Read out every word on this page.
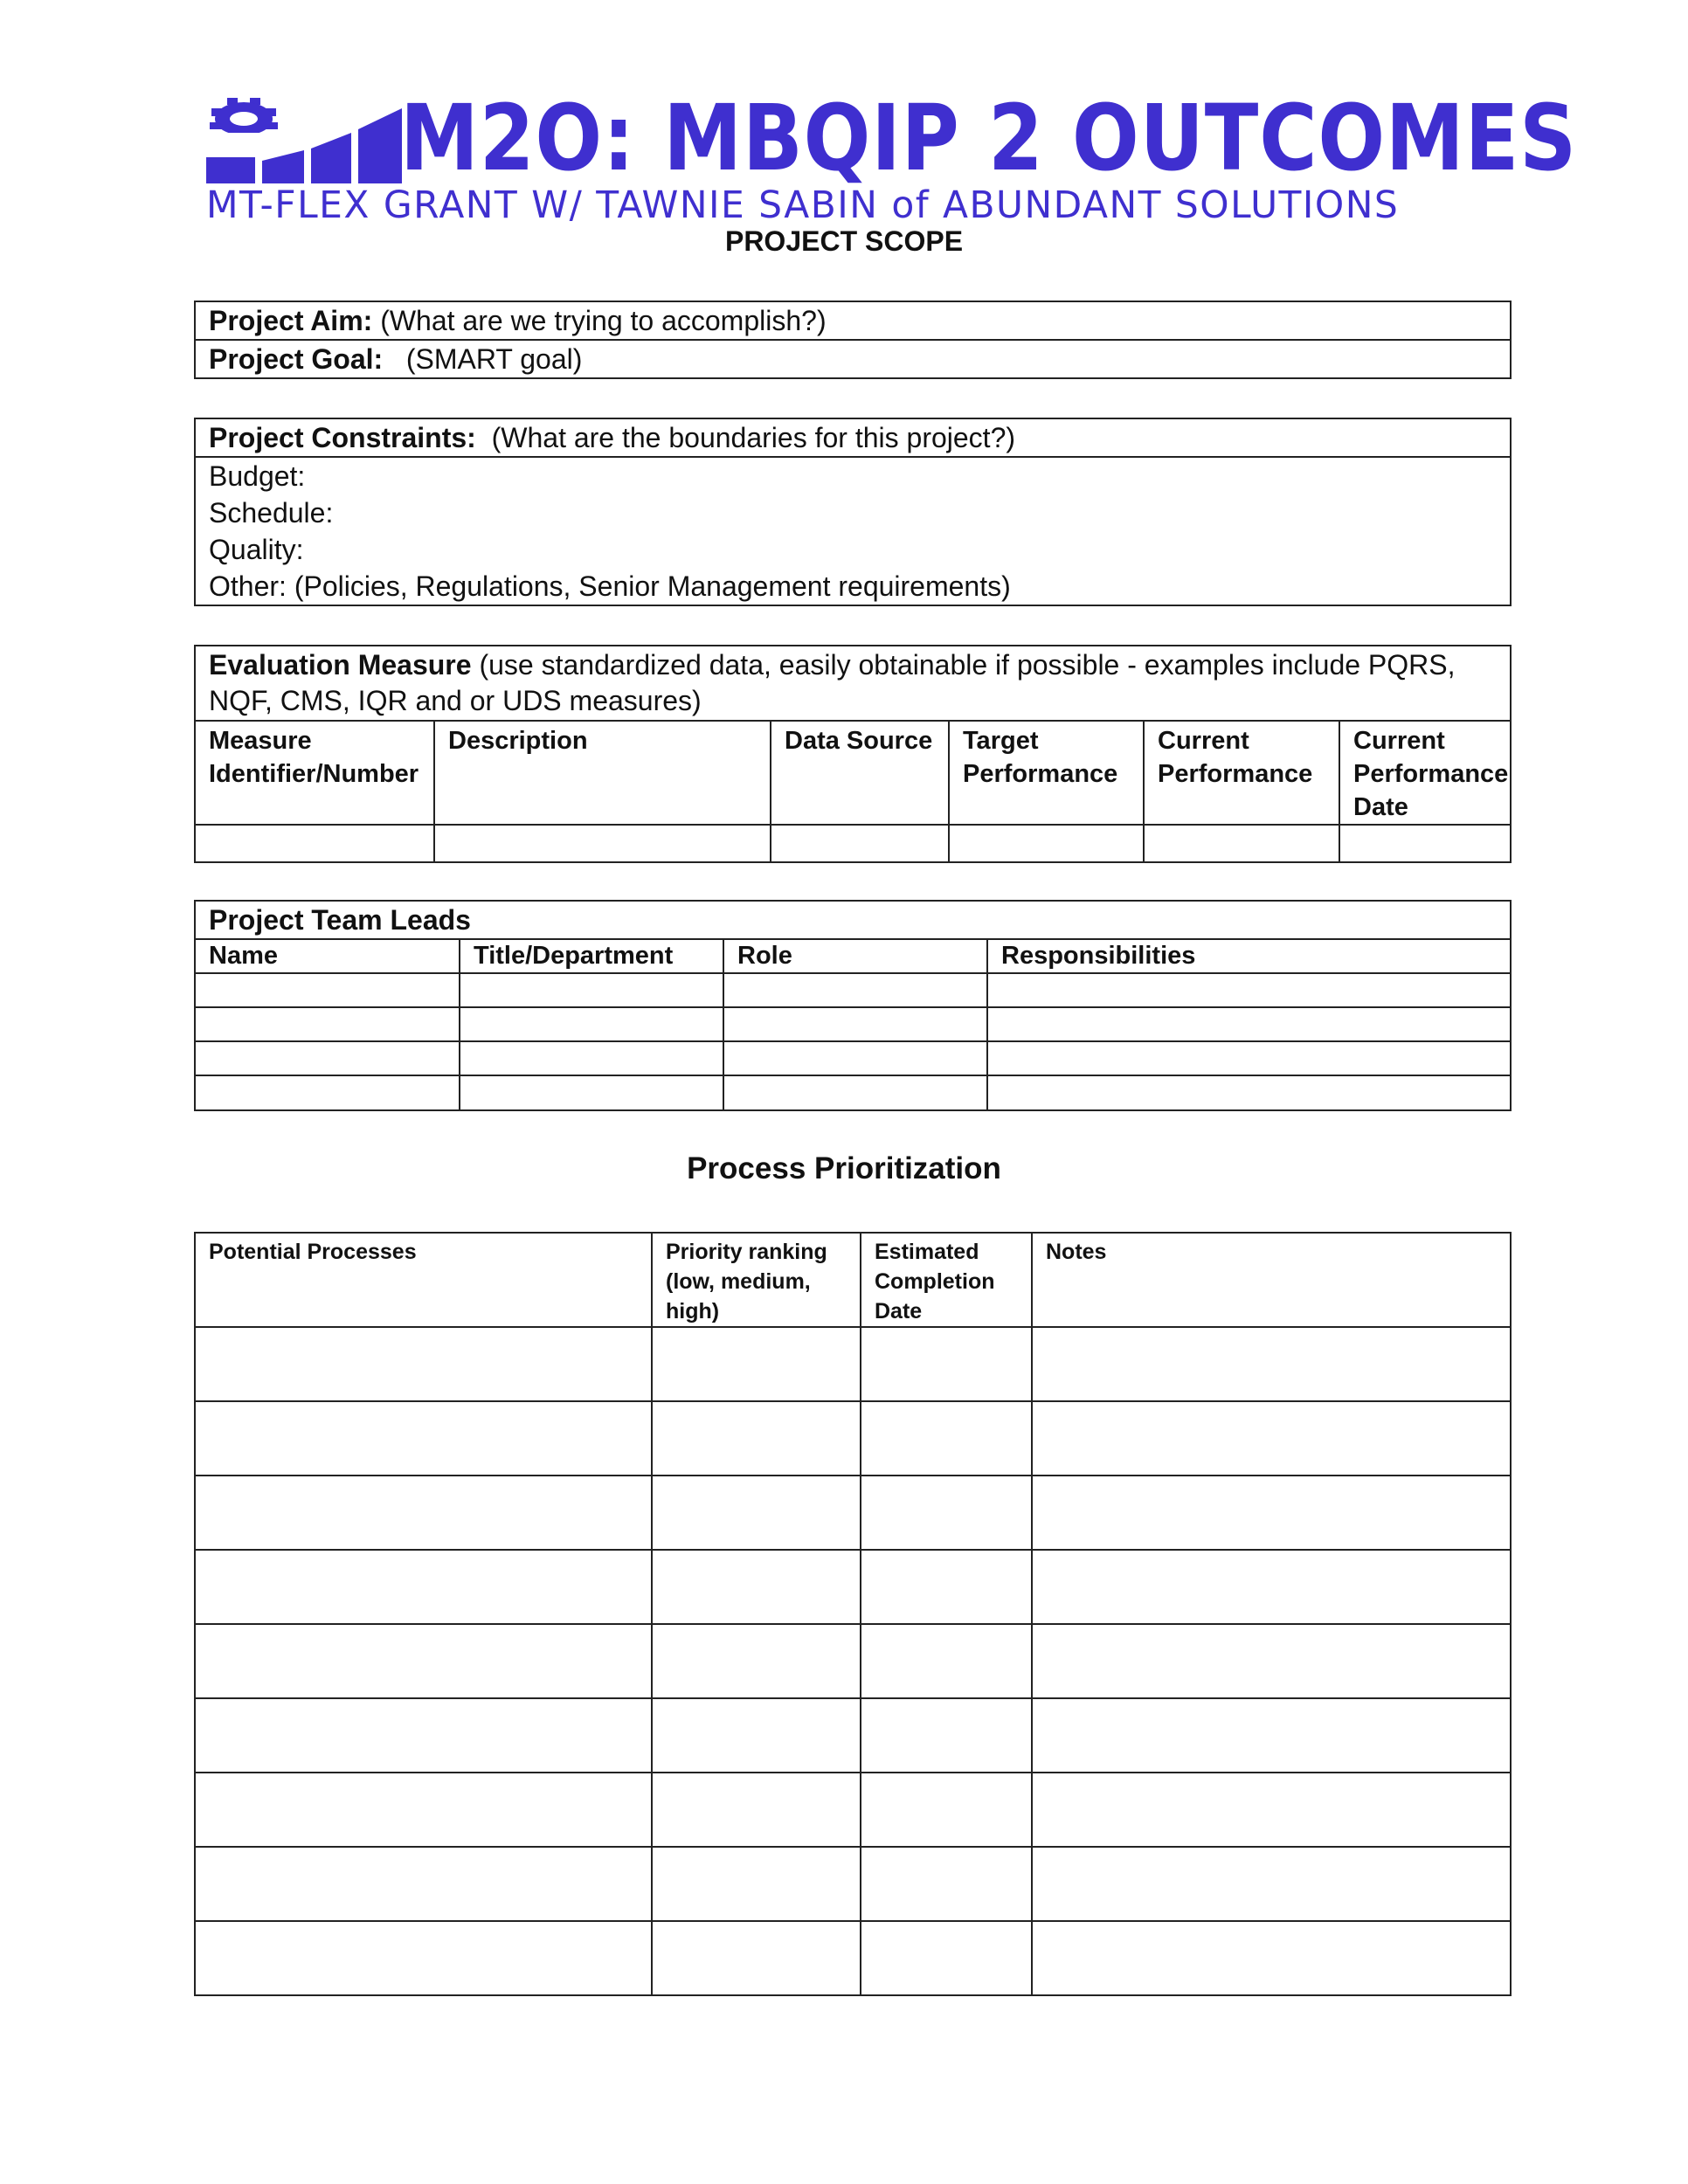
M2O: MBQIP 2 OUTCOMES
MT-FLEX GRANT W/ TAWNIE SABIN of ABUNDANT SOLUTIONS
PROJECT SCOPE
Project Aim: (What are we trying to accomplish?)
Project Goal:   (SMART goal)
Project Constraints:  (What are the boundaries for this project?)
Budget:
Schedule:
Quality:
Other: (Policies, Regulations, Senior Management requirements)
Evaluation Measure (use standardized data, easily obtainable if possible - examples include PQRS, NQF, CMS, IQR and or UDS measures)
Measure Identifier/Number	Description	Data Source	Target Performance	Current Performance	Current Performance Date

Project Team Leads
Name	Title/Department	Role	Responsibilities

Process Prioritization
Potential Processes	Priority ranking (low, medium, high)	Estimated Completion Date	Notes
